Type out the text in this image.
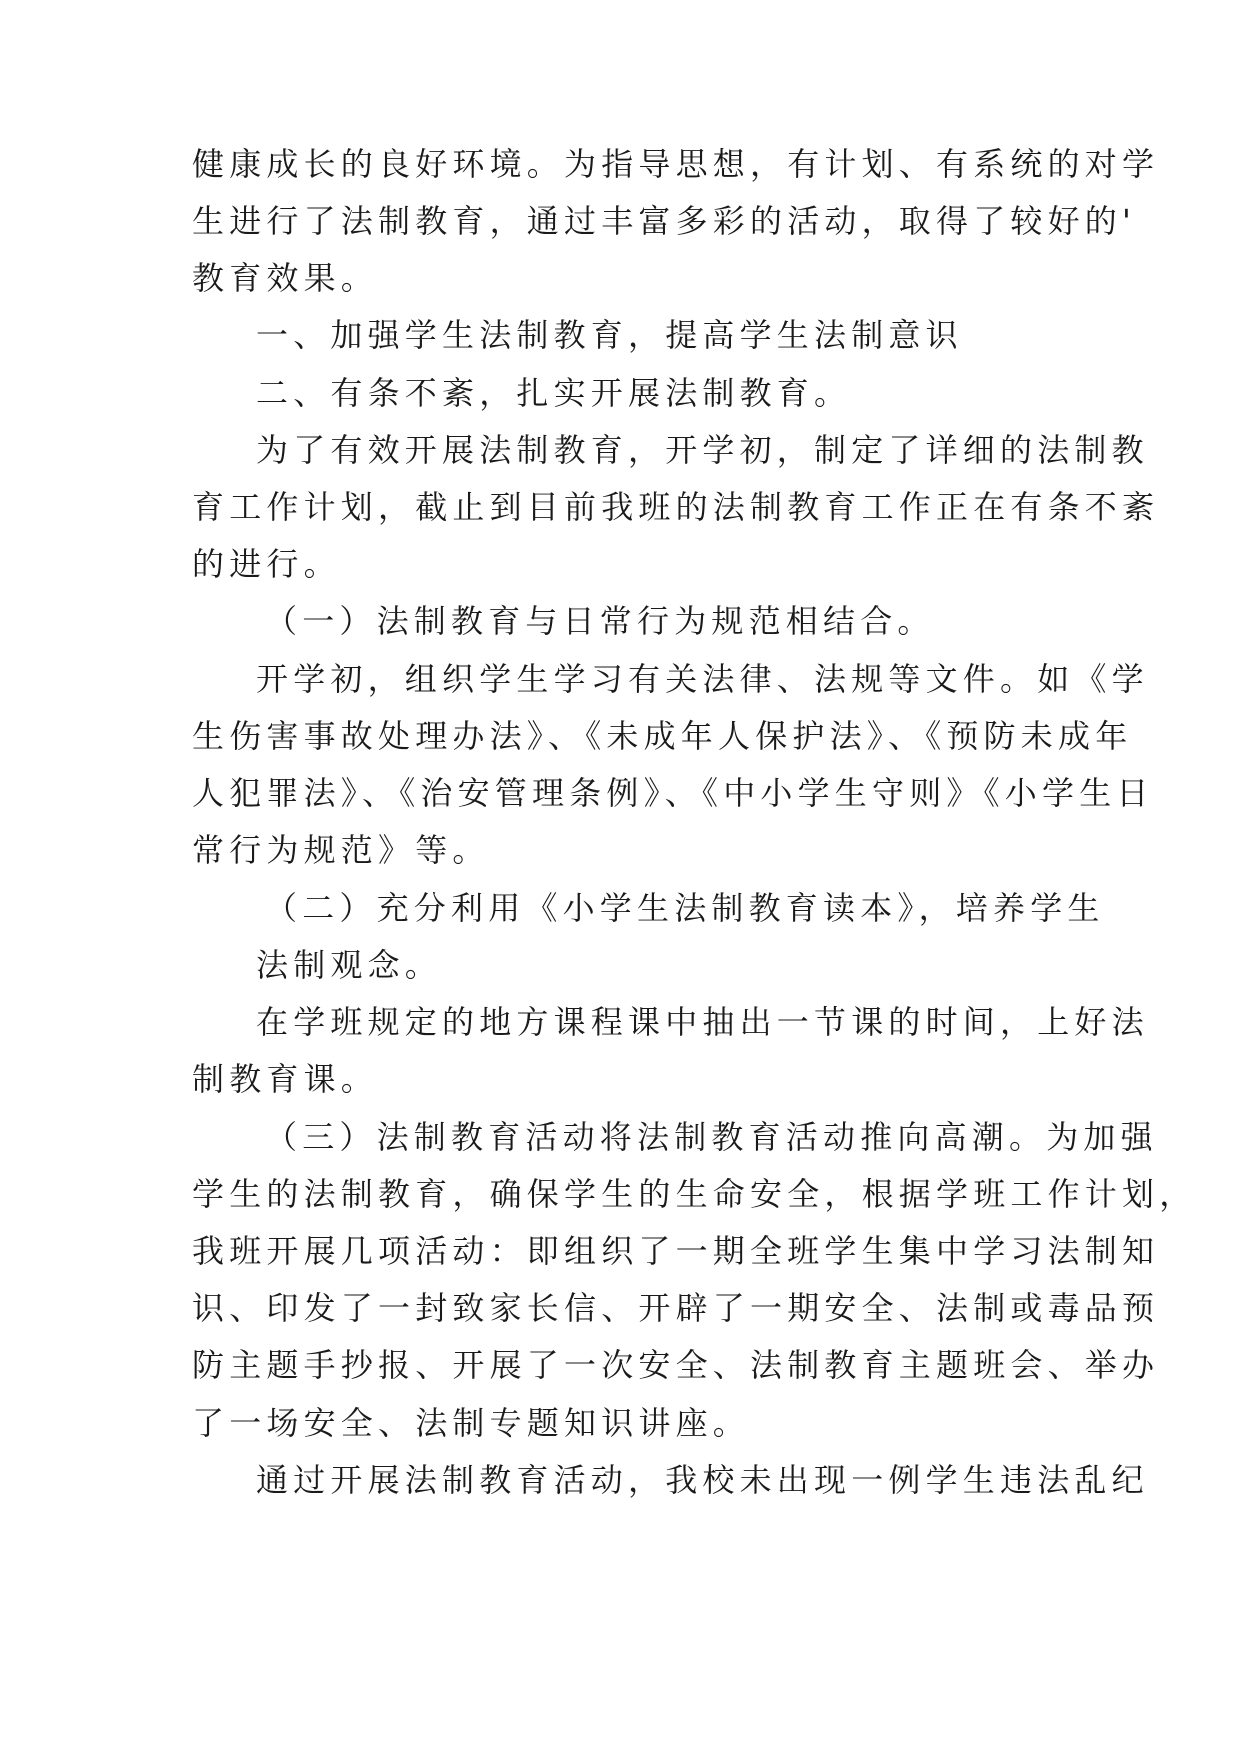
健康成长的良好环境。为指导思想，有计划、有系统的对学
生进行了法制教育，通过丰富多彩的活动，取得了较好的'
教育效果。
一、加强学生法制教育，提高学生法制意识
二、有条不紊，扎实开展法制教育。
为了有效开展法制教育，开学初，制定了详细的法制教
育工作计划，截止到目前我班的法制教育工作正在有条不紊
的进行。
（一）法制教育与日常行为规范相结合。
开学初，组织学生学习有关法律、法规等文件。如《学
生伤害事故处理办法》、《未成年人保护法》、《预防未成年
人犯罪法》、《治安管理条例》、《中小学生守则》《小学生日
常行为规范》等。
（二）充分利用《小学生法制教育读本》，培养学生
法制观念。
在学班规定的地方课程课中抽出一节课的时间，上好法
制教育课。
（三）法制教育活动将法制教育活动推向高潮。为加强
学生的法制教育，确保学生的生命安全，根据学班工作计划，
我班开展几项活动：即组织了一期全班学生集中学习法制知
识、印发了一封致家长信、开辟了一期安全、法制或毒品预
防主题手抄报、开展了一次安全、法制教育主题班会、举办
了一场安全、法制专题知识讲座。
通过开展法制教育活动，我校未出现一例学生违法乱纪
